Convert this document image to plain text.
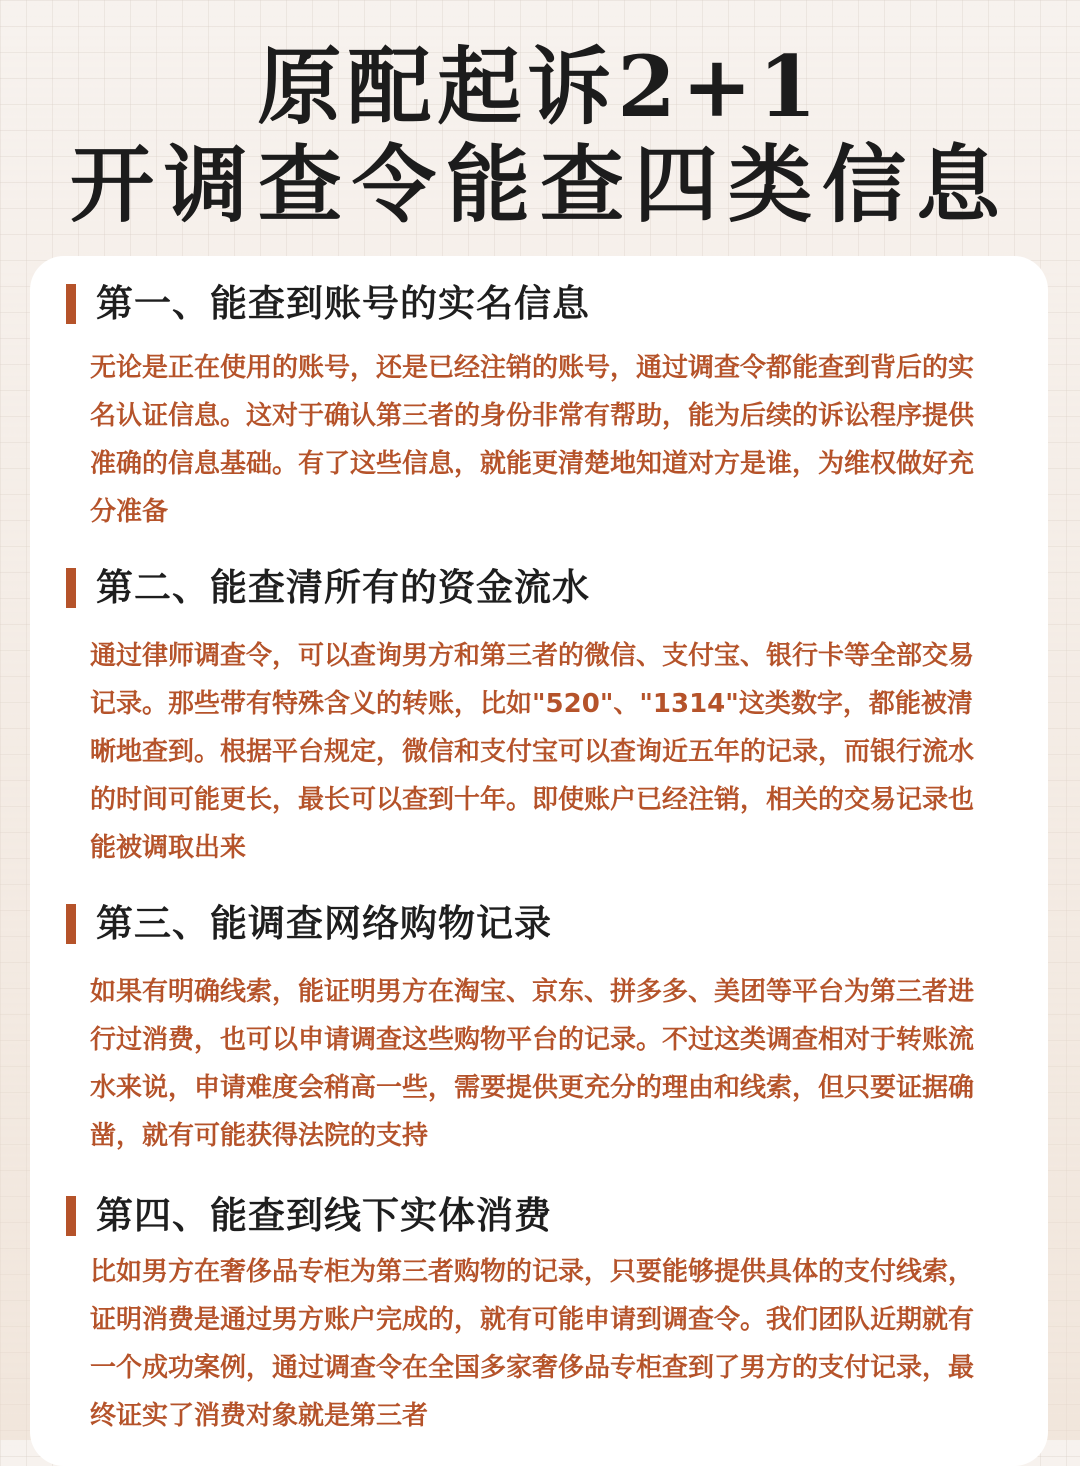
原配起诉2+1
开调查令能查四类信息
第一、能查到账号的实名信息

无论是正在使用的账号，还是已经注销的账号，通过调查令都能查到背后的实名认证信息。这对于确认第三者的身份非常有帮助，能为后续的诉讼程序提供准确的信息基础。有了这些信息，就能更清楚地知道对方是谁，为维权做好充分准备

第二、能查清所有的资金流水

通过律师调查令，可以查询男方和第三者的微信、支付宝、银行卡等全部交易记录。那些带有特殊含义的转账，比如"520"、"1314"这类数字，都能被清晰地查到。根据平台规定，微信和支付宝可以查询近五年的记录，而银行流水的时间可能更长，最长可以查到十年。即使账户已经注销，相关的交易记录也能被调取出来

第三、能调查网络购物记录

如果有明确线索，能证明男方在淘宝、京东、拼多多、美团等平台为第三者进行过消费，也可以申请调查这些购物平台的记录。不过这类调查相对于转账流水来说，申请难度会稍高一些，需要提供更充分的理由和线索，但只要证据确凿，就有可能获得法院的支持

第四、能查到线下实体消费

比如男方在奢侈品专柜为第三者购物的记录，只要能够提供具体的支付线索，证明消费是通过男方账户完成的，就有可能申请到调查令。我们团队近期就有一个成功案例，通过调查令在全国多家奢侈品专柜查到了男方的支付记录，最终证实了消费对象就是第三者
